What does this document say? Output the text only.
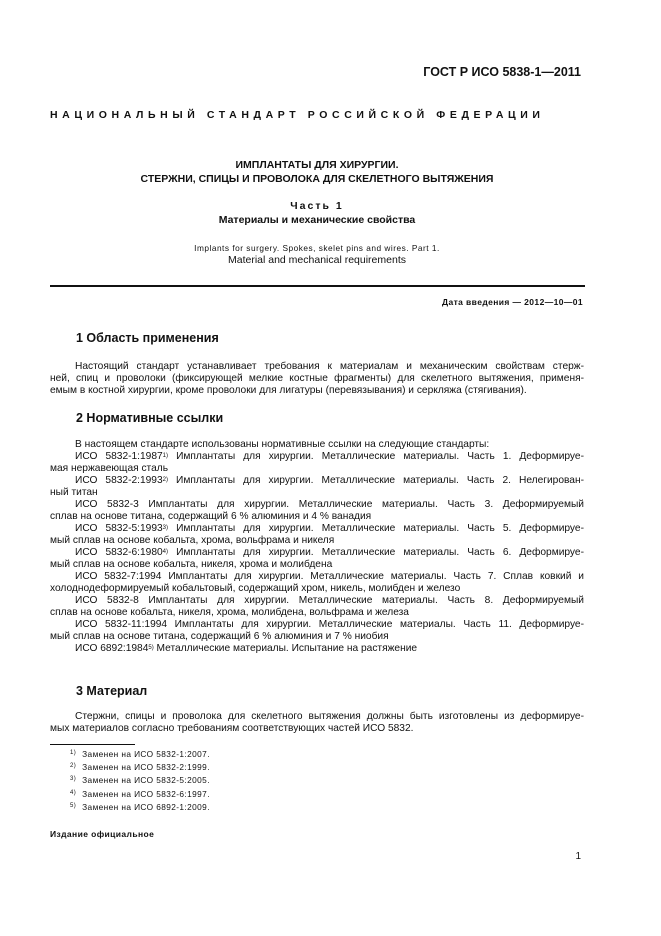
ГОСТ Р ИСО 5838-1—2011
НАЦИОНАЛЬНЫЙ СТАНДАРТ РОССИЙСКОЙ ФЕДЕРАЦИИ
ИМПЛАНТАТЫ ДЛЯ ХИРУРГИИ.
СТЕРЖНИ, СПИЦЫ И ПРОВОЛОКА ДЛЯ СКЕЛЕТНОГО ВЫТЯЖЕНИЯ
Часть 1
Материалы и механические свойства
Implants for surgery. Spokes, skelet pins and wires. Part 1.
Material and mechanical requirements
Дата введения — 2012—10—01
1 Область применения
Настоящий стандарт устанавливает требования к материалам и механическим свойствам стерж-
ней, спиц и проволоки (фиксирующей мелкие костные фрагменты) для скелетного вытяжения, применя-
емым в костной хирургии, кроме проволоки для лигатуры (перевязывания) и серкляжа (стягивания).
2 Нормативные ссылки
В настоящем стандарте использованы нормативные ссылки на следующие стандарты:
ИСО 5832-1:1987$^{1)}$ Имплантаты для хирургии. Металлические материалы. Часть 1. Деформируе-
мая нержавеющая сталь
ИСО 5832-2:1993$^{2)}$ Имплантаты для хирургии. Металлические материалы. Часть 2. Нелегирован-
ный титан
ИСО 5832-3 Имплантаты для хирургии. Металлические материалы. Часть 3. Деформируемый
сплав на основе титана, содержащий 6 % алюминия и 4 % ванадия
ИСО 5832-5:1993$^{3)}$ Имплантаты для хирургии. Металлические материалы. Часть 5. Деформируе-
мый сплав на основе кобальта, хрома, вольфрама и никеля
ИСО 5832-6:1980$^{4)}$ Имплантаты для хирургии. Металлические материалы. Часть 6. Деформируе-
мый сплав на основе кобальта, никеля, хрома и молибдена
ИСО 5832-7:1994 Имплантаты для хирургии. Металлические материалы. Часть 7. Сплав ковкий и
холоднодеформируемый кобальтовый, содержащий хром, никель, молибден и железо
ИСО 5832-8 Имплантаты для хирургии. Металлические материалы. Часть 8. Деформируемый
сплав на основе кобальта, никеля, хрома, молибдена, вольфрама и железа
ИСО 5832-11:1994 Имплантаты для хирургии. Металлические материалы. Часть 11. Деформируе-
мый сплав на основе титана, содержащий 6 % алюминия и 7 % ниобия
ИСО 6892:1984$^{5)}$ Металлические материалы. Испытание на растяжение
3 Материал
Стержни, спицы и проволока для скелетного вытяжения должны быть изготовлены из деформируе-
мых материалов согласно требованиям соответствующих частей ИСО 5832.
$^{1)}$ Заменен на ИСО 5832-1:2007.
$^{2)}$ Заменен на ИСО 5832-2:1999.
$^{3)}$ Заменен на ИСО 5832-5:2005.
$^{4)}$ Заменен на ИСО 5832-6:1997.
$^{5)}$ Заменен на ИСО 6892-1:2009.
Издание официальное
1
